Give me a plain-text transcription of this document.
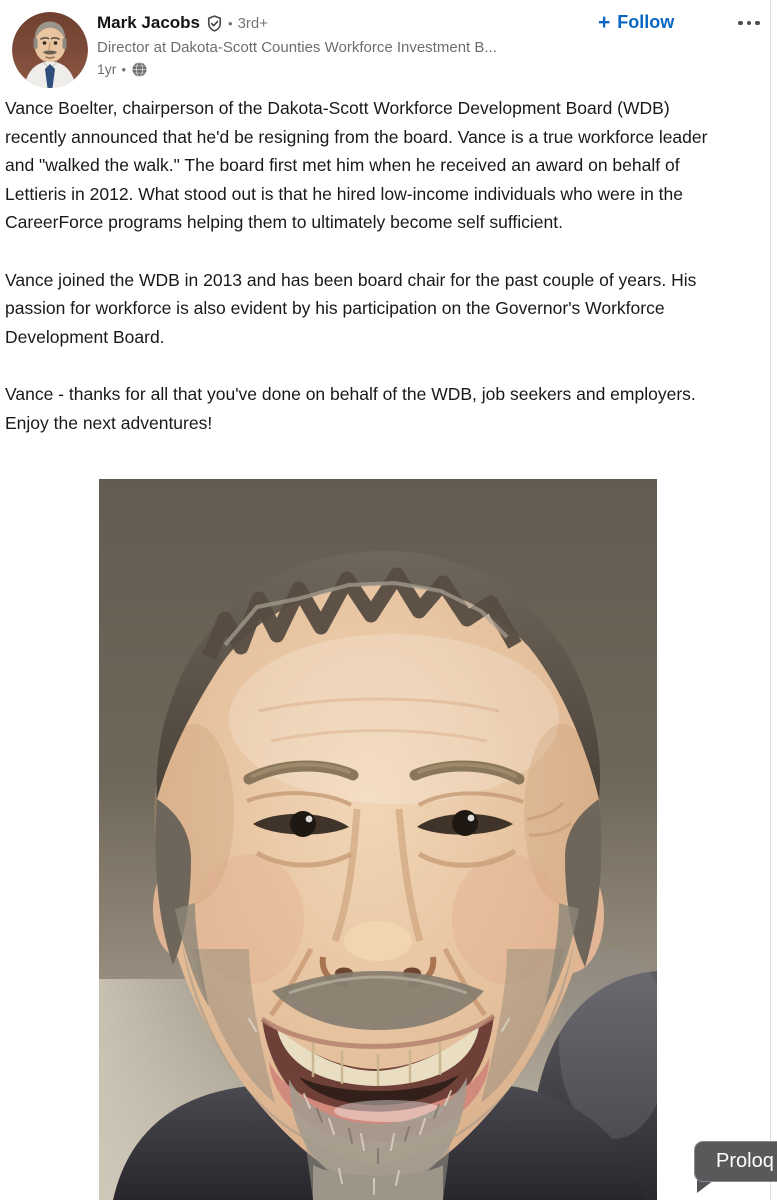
Mark Jacobs • 3rd+
Director at Dakota-Scott Counties Workforce Investment B...
1yr •
+ Follow

Vance Boelter, chairperson of the Dakota-Scott Workforce Development Board (WDB) recently announced that he'd be resigning from the board. Vance is a true workforce leader and "walked the walk." The board first met him when he received an award on behalf of Lettieris in 2012. What stood out is that he hired low-income individuals who were in the CareerForce programs helping them to ultimately become self sufficient.

Vance joined the WDB in 2013 and has been board chair for the past couple of years. His passion for workforce is also evident by his participation on the Governor's Workforce Development Board.

Vance - thanks for all that you've done on behalf of the WDB, job seekers and employers. Enjoy the next adventures!

Proloq
